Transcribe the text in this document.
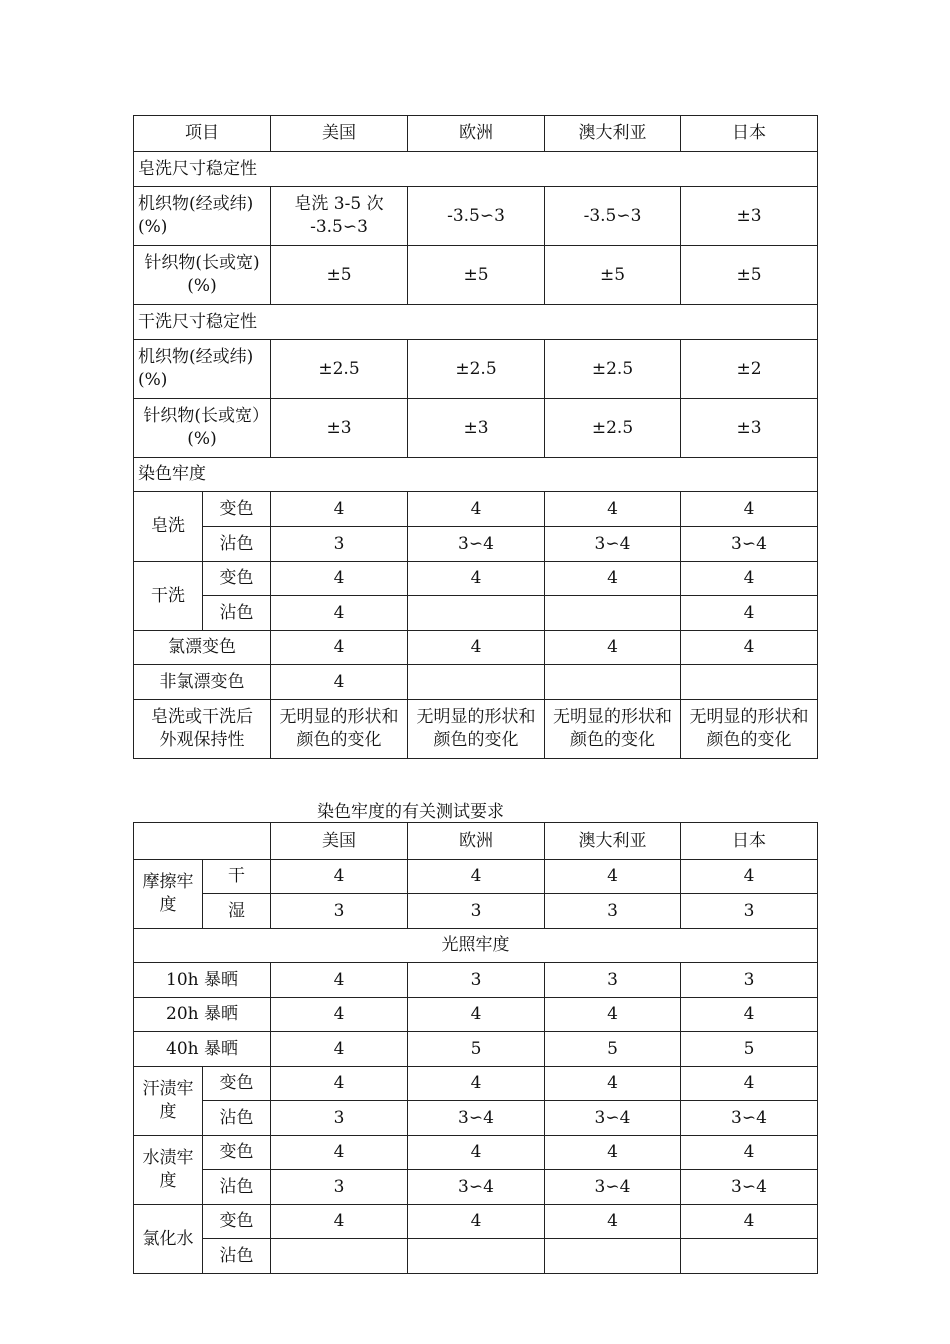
项目		美国	欧洲	澳大利亚	日本
皂洗尺寸稳定性					

机织物(经或纬)(%)		皂洗 3-5 次 -3.5∽3	-3.5∽3	-3.5∽3	±3

针织物(长或宽)(%)		±5	±5	±5	±5
干洗尺寸稳定性					

机织物(经或纬)(%)		±2.5	±2.5	±2.5	±2

针织物(长或宽）(%)		±3	±3	±2.5	±3
染色牢度					
皂洗	变色	4	4	4	4
	沾色	3	3∽4	3∽4	3∽4
干洗	变色	4	4	4	4
	沾色	4			4
氯漂变色		4	4	4	4
非氯漂变色		4			

皂洗或干洗后外观保持性		无明显的形状和颜色的变化	无明显的形状和颜色的变化	无明显的形状和颜色的变化	无明显的形状和颜色的变化
染色牢度的有关测试要求
		美国	欧洲	澳大利亚	日本
摩擦牢度	干	4	4	4	4
	湿	3	3	3	3
光照牢度					
10h 暴晒		4	3	3	3
20h 暴晒		4	4	4	4
40h 暴晒		4	5	5	5
汗渍牢度	变色	4	4	4	4
	沾色	3	3∽4	3∽4	3∽4
水渍牢度	变色	4	4	4	4
	沾色	3	3∽4	3∽4	3∽4
氯化水	变色	4	4	4	4
	沾色				
